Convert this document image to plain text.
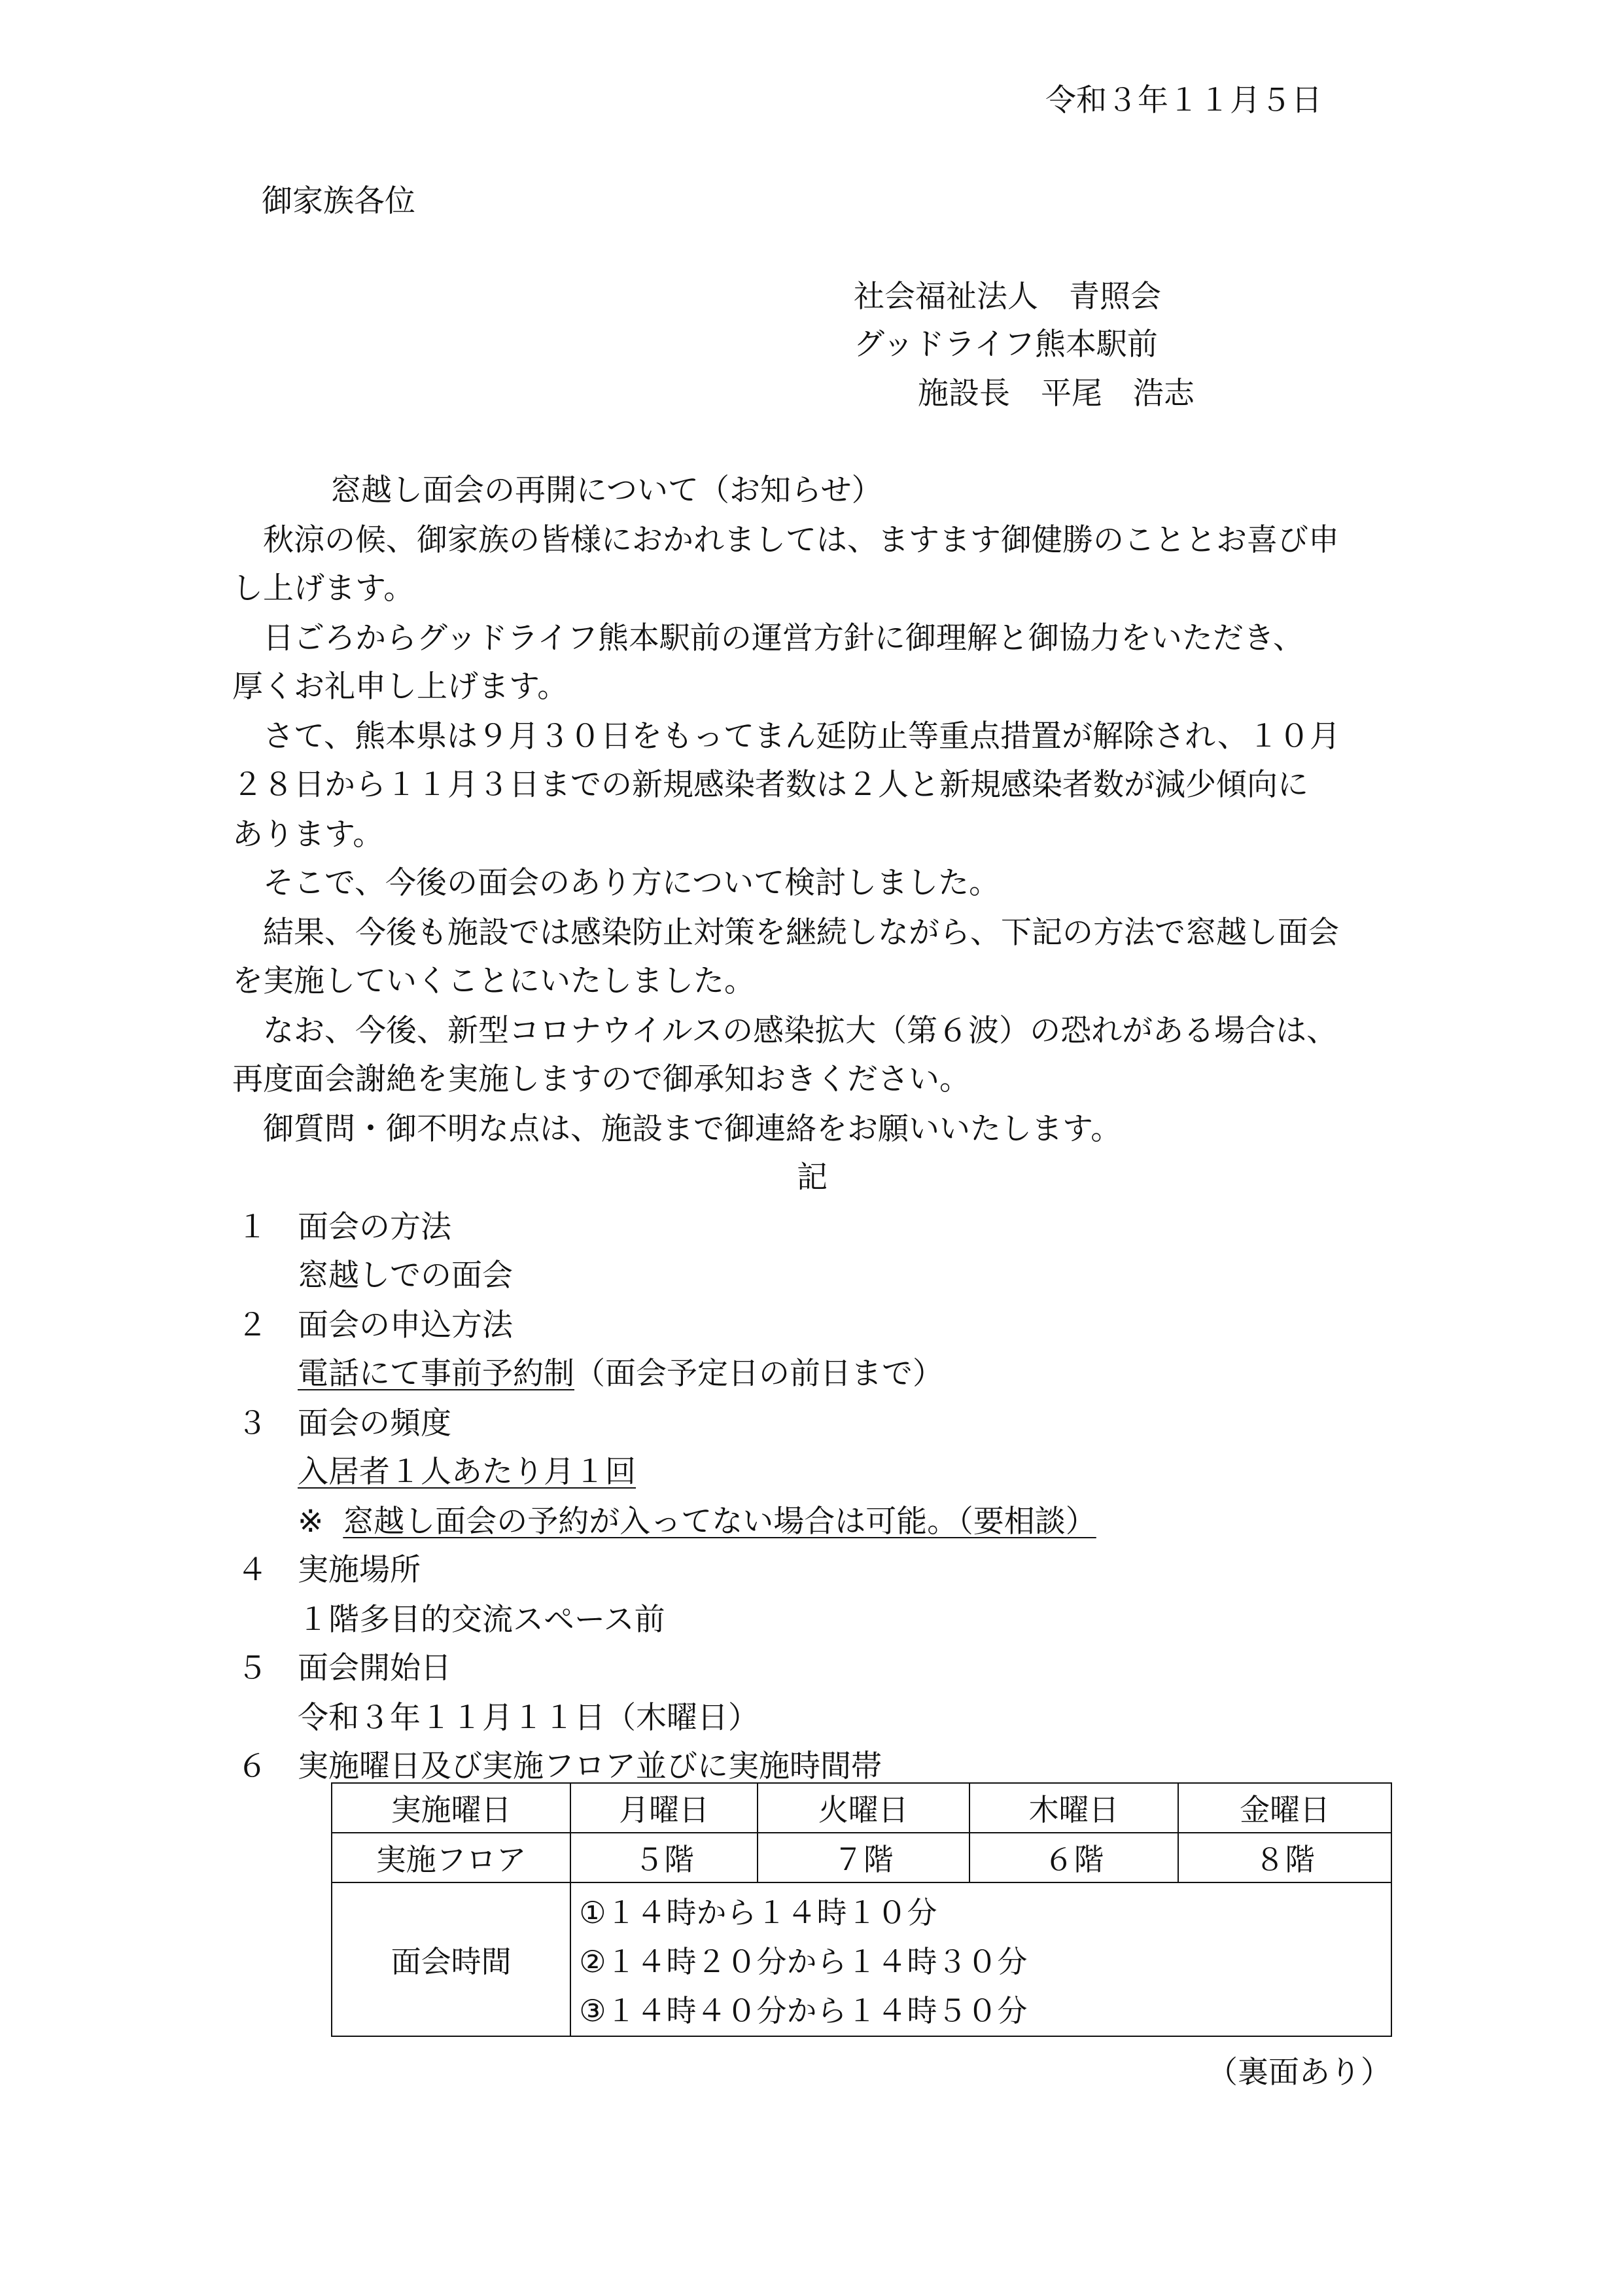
令和３年１１月５日
御家族各位
社会福祉法人　青照会
グッドライフ熊本駅前
施設長　平尾　浩志
窓越し面会の再開について（お知らせ）
　秋涼の候、御家族の皆様におかれましては、ますます御健勝のこととお喜び申
し上げます。
　日ごろからグッドライフ熊本駅前の運営方針に御理解と御協力をいただき、
厚くお礼申し上げます。
　さて、熊本県は９月３０日をもってまん延防止等重点措置が解除され、１０月
２８日から１１月３日までの新規感染者数は２人と新規感染者数が減少傾向に
あります。
　そこで、今後の面会のあり方について検討しました。
　結果、今後も施設では感染防止対策を継続しながら、下記の方法で窓越し面会
を実施していくことにいたしました。
　なお、今後、新型コロナウイルスの感染拡大（第６波）の恐れがある場合は、
再度面会謝絶を実施しますので御承知おきください。
　御質問・御不明な点は、施設まで御連絡をお願いいたします。
記
１ 面会の方法
窓越しでの面会
２ 面会の申込方法
電話にて事前予約制（面会予定日の前日まで）
３ 面会の頻度
入居者１人あたり月１回
※ 窓越し面会の予約が入ってない場合は可能。（要相談）
４ 実施場所
１階多目的交流スペース前
５ 面会開始日
令和３年１１月１１日（木曜日）
６ 実施曜日及び実施フロア並びに実施時間帯
実施曜日	月曜日	火曜日	木曜日	金曜日
実施フロア	５階	７階	６階	８階
面会時間	①１４時から１４時１０分
②１４時２０分から１４時３０分
③１４時４０分から１４時５０分			
（裏面あり）
